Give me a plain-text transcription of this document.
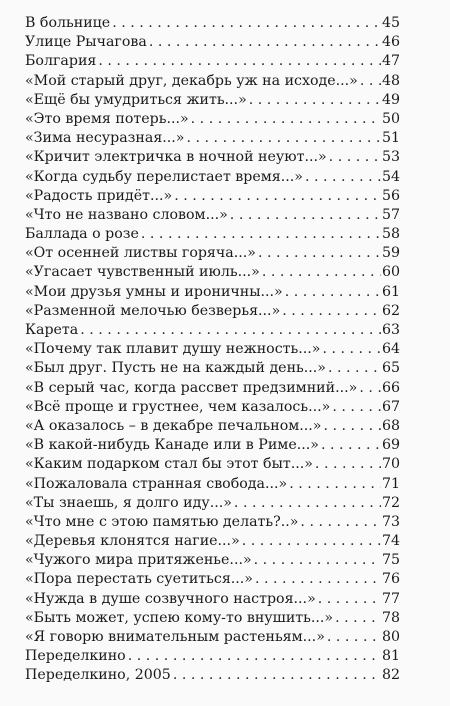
В больнице . . .	45
Улице Рычагова . . .	46
Болгария . . .	47
«Мой старый друг, декабрь уж на исходе...» . . . 48
«Ещё бы умудриться жить...» . . .	49
«Это время потерь...» . . .	50
«Зима несуразная...» . . .	51
«Кричит электричка в ночной неуют...» . . .	53
«Когда судьбу перелистает время...» . . .	54
«Радость придёт...» . . .	56
«Что не названо словом...» . . .	57
Баллада о розе . . .	58
«От осенней листвы горяча...» . . .	59
«Угасает чувственный июль...» . . .	60
«Мои друзья умны и ироничны...» . . .	61
«Разменной мелочью безверья...» . . .	62
Карета . . .	63
«Почему так плавит душу нежность...» . . .	64
«Был друг. Пусть не на каждый день...» . . .	65
«В серый час, когда рассвет предзимний...» . . . 66
«Всё проще и грустнее, чем казалось...» . . .	67
«А оказалось – в декабре печальном...» . . .	68
«В какой-нибудь Канаде или в Риме...» . . .	69
«Каким подарком стал бы этот быт...» . . .	70
«Пожаловала странная свобода...» . . .	71
«Ты знаешь, я долго иду...» . . .	72
«Что мне с этою памятью делать?..» . . .	73
«Деревья клонятся нагие...» . . .	74
«Чужого мира притяженье...» . . .	75
«Пора перестать суетиться...» . . .	76
«Нужда в душе созвучного настроя...» . . .	77
«Быть может, успею кому-то внушить...» . . .	78
«Я говорю внимательным растеньям...» . . .	80
Переделкино . . .	81
Переделкино, 2005 . . .	82
